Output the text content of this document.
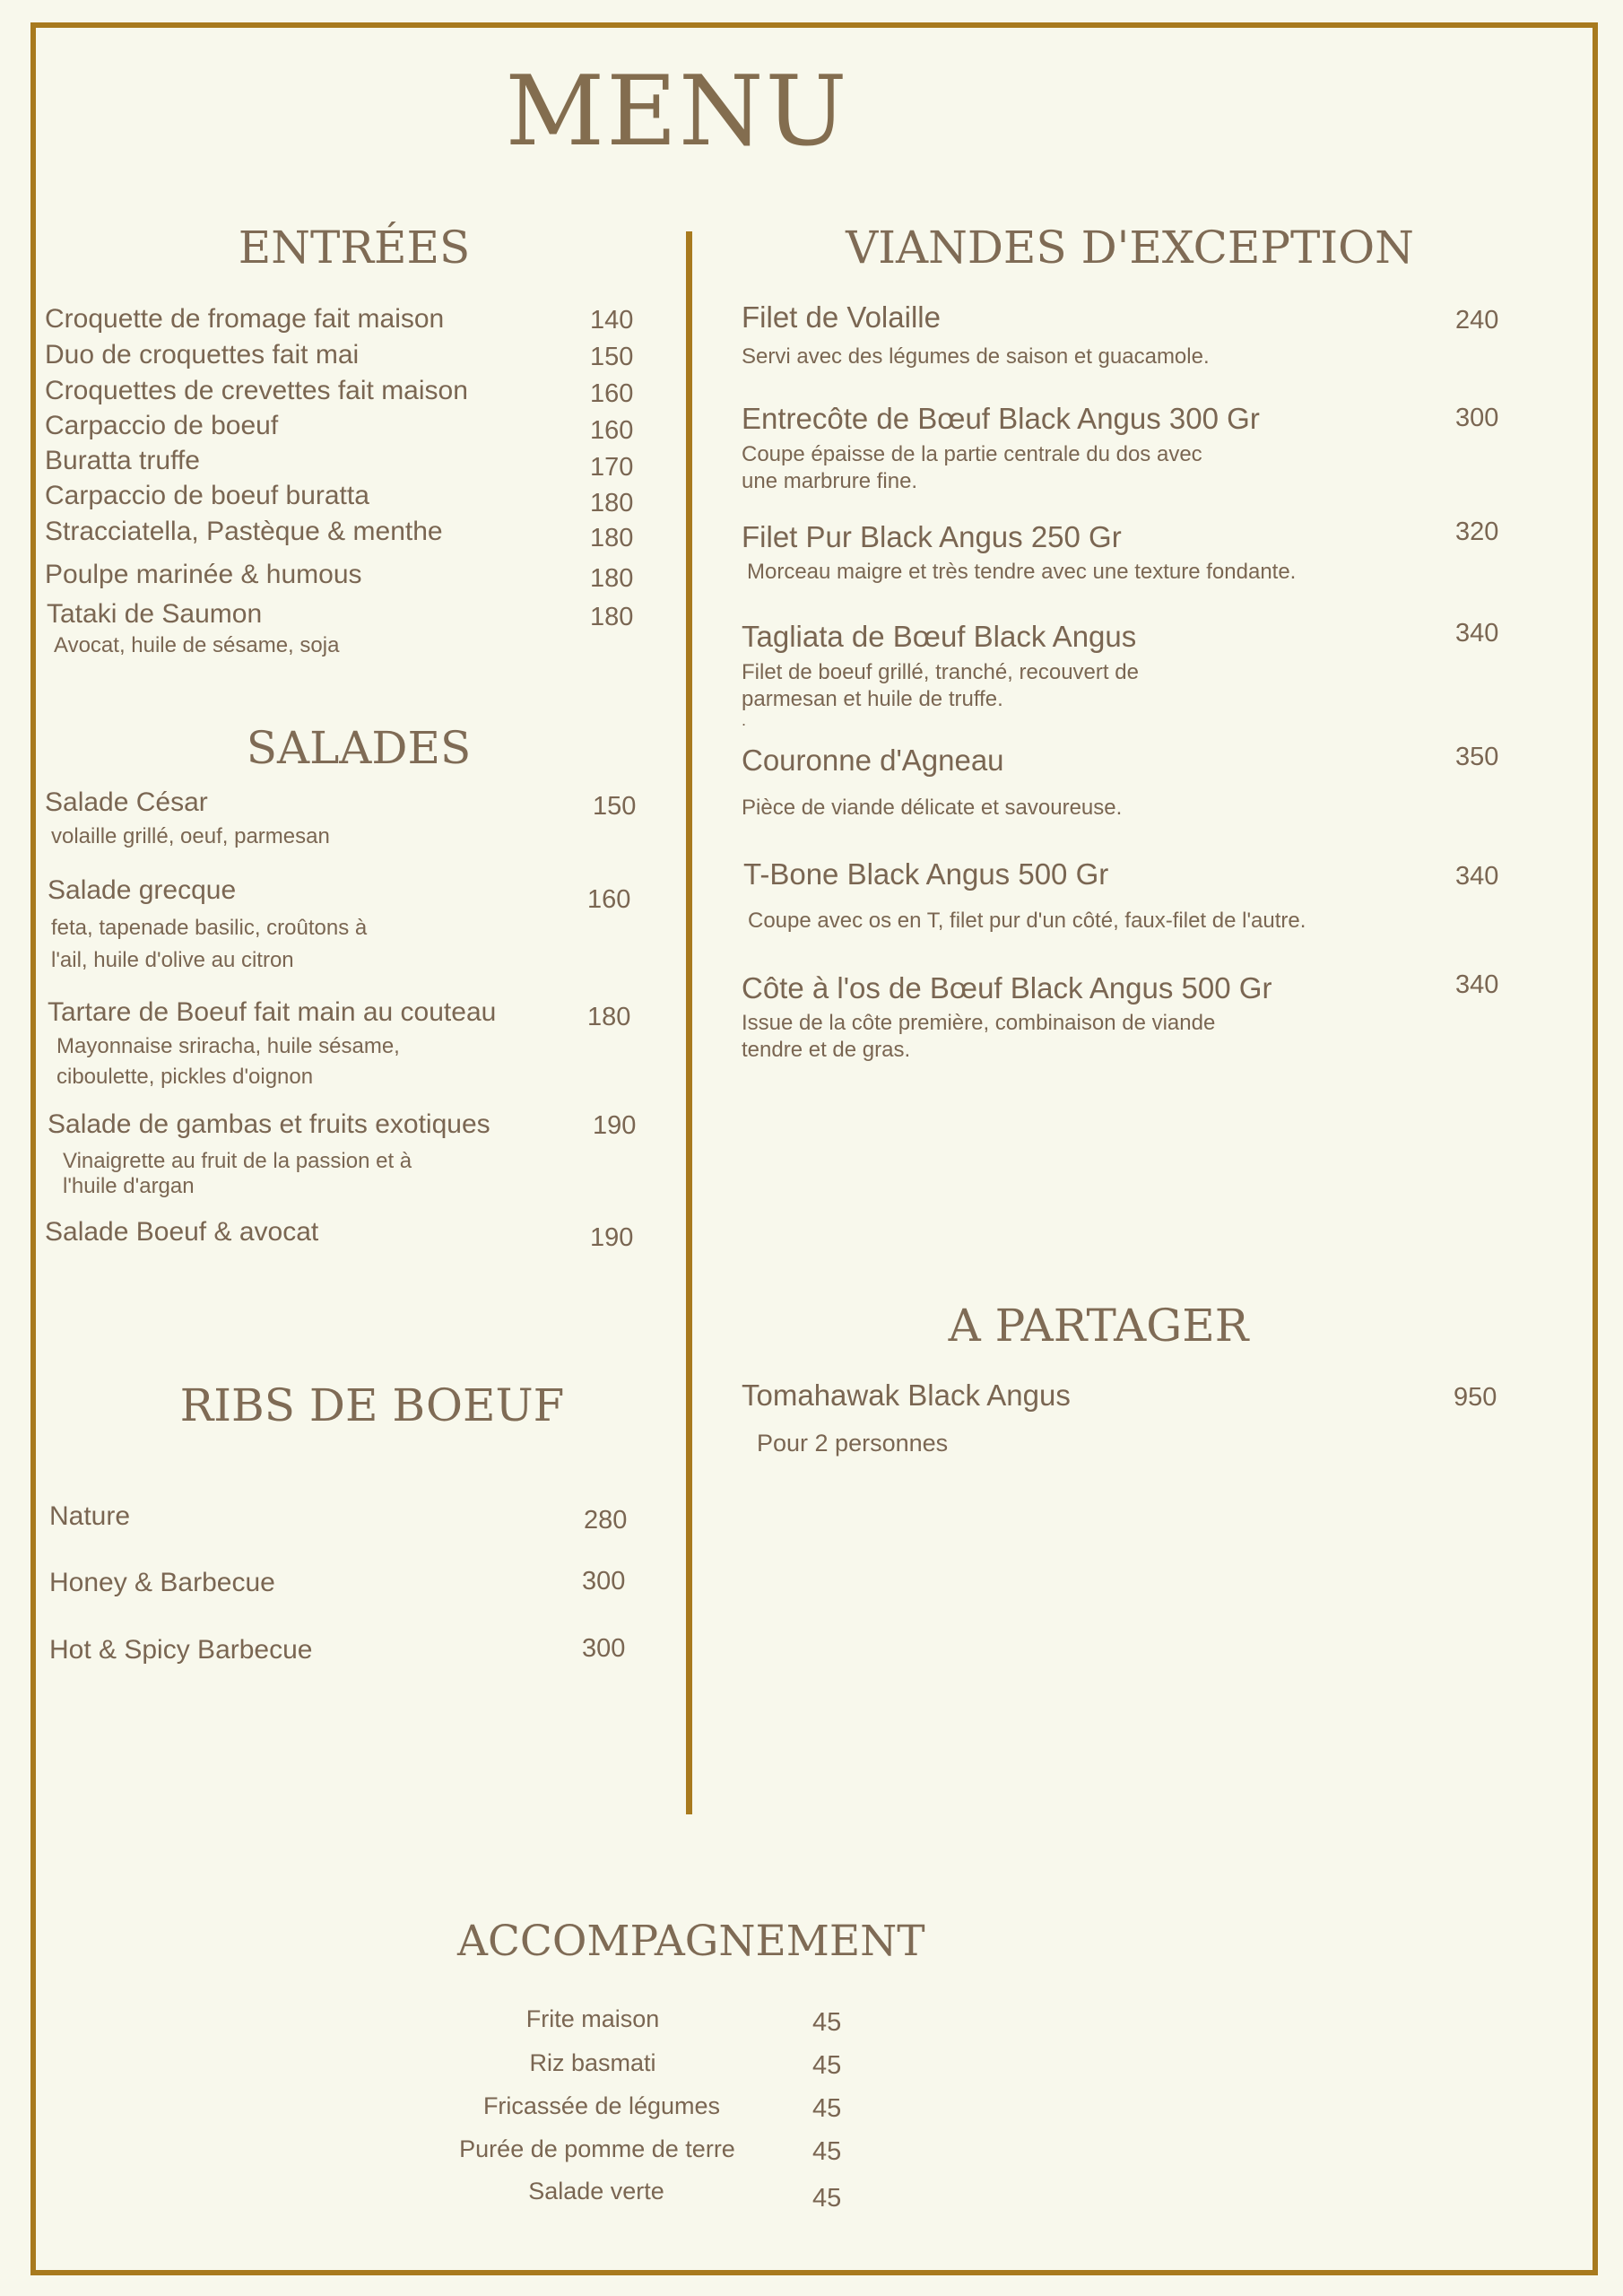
MENU
ENTRÉES
Croquette de fromage fait maison	140
Duo de croquettes fait mai	150
Croquettes de crevettes fait maison	160
Carpaccio de boeuf	160
Buratta truffe	170
Carpaccio de boeuf buratta	180
Stracciatella, Pastèque & menthe	180
Poulpe marinée & humous	180
Tataki de Saumon	180
Avocat, huile de sésame, soja
SALADES
Salade César	150
volaille grillé, oeuf, parmesan
Salade grecque	160
feta, tapenade basilic, croûtons à
l'ail, huile d'olive au citron
Tartare de Boeuf fait main au couteau	180
Mayonnaise sriracha, huile sésame,
ciboulette, pickles d'oignon
Salade de gambas et fruits exotiques	190
Vinaigrette au fruit de la passion et à
l'huile d'argan
Salade Boeuf & avocat	190
RIBS DE BOEUF
Nature	280
Honey & Barbecue	300
Hot & Spicy Barbecue	300
VIANDES D'EXCEPTION
Filet de Volaille	240
Servi avec des légumes de saison et guacamole.
Entrecôte de Bœuf Black Angus 300 Gr	300
Coupe épaisse de la partie centrale du dos avec
une marbrure fine.
Filet Pur Black Angus 250 Gr	320
Morceau maigre et très tendre avec une texture fondante.
Tagliata de Bœuf Black Angus	340
Filet de boeuf grillé, tranché, recouvert de
parmesan et huile de truffe.
.
Couronne d'Agneau	350
Pièce de viande délicate et savoureuse.
T-Bone Black Angus 500 Gr	340
Coupe avec os en T, filet pur d'un côté, faux-filet de l'autre.
Côte à l'os de Bœuf Black Angus 500 Gr	340
Issue de la côte première, combinaison de viande
tendre et de gras.
A PARTAGER
Tomahawak Black Angus	950
Pour 2 personnes
ACCOMPAGNEMENT
Frite maison	45
Riz basmati	45
Fricassée de légumes	45
Purée de pomme de terre	45
Salade verte	45
